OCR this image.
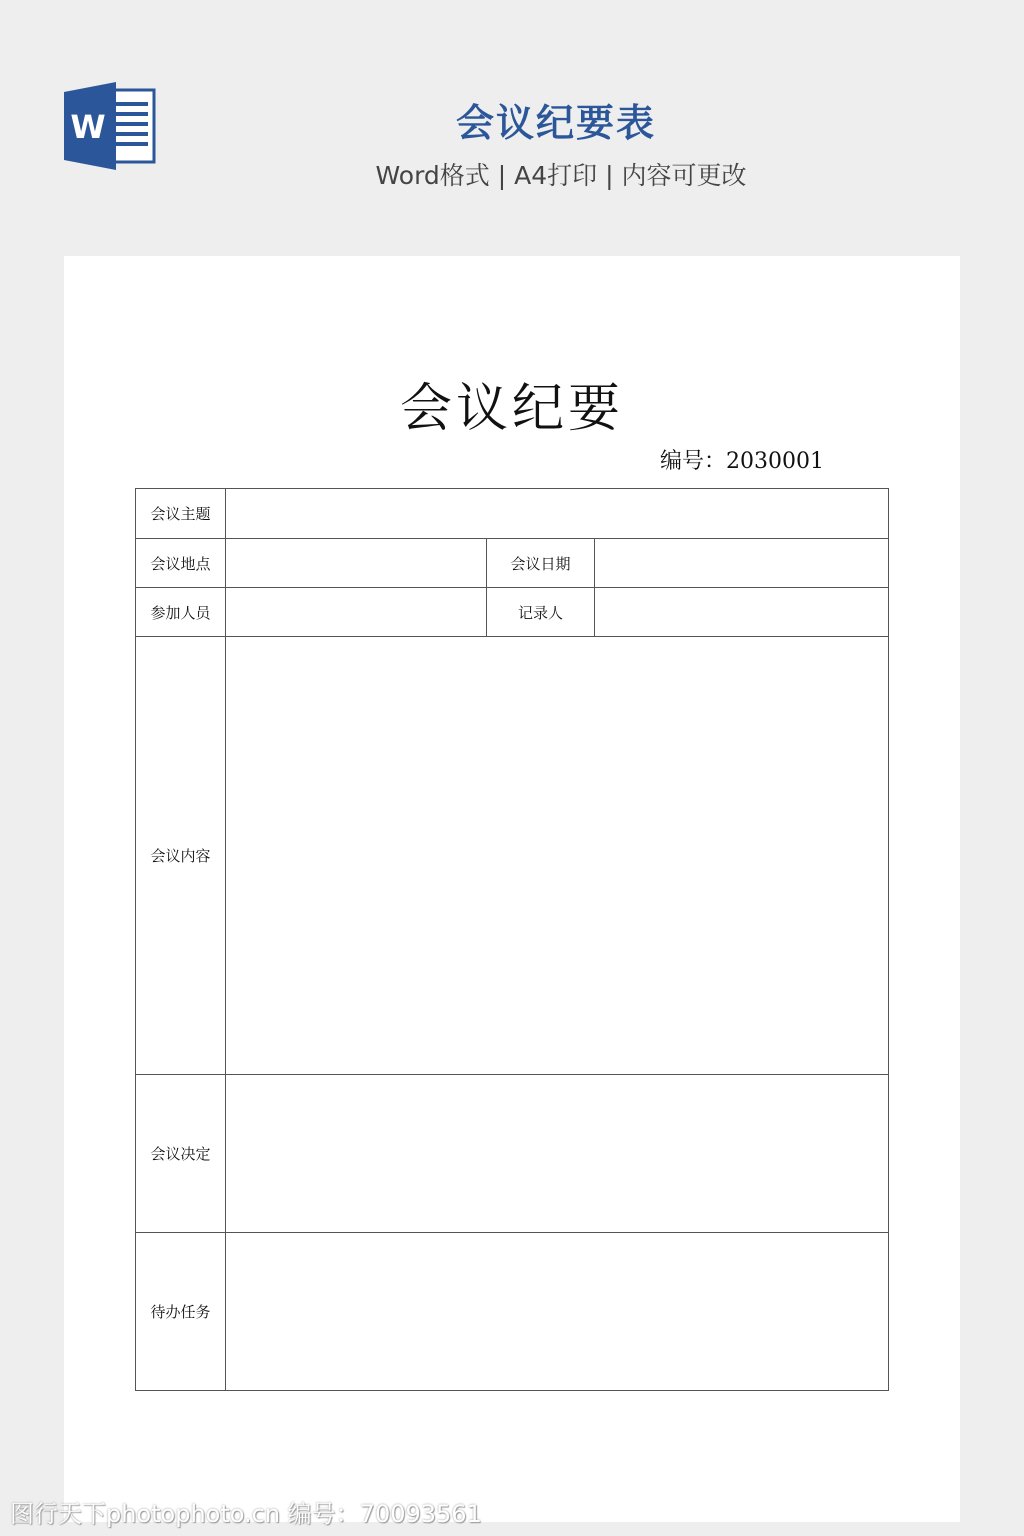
W	会议纪要表
Word格式 | A4打印 | 内容可更改
会议纪要
编号：2030001
会议主题			
会议地点		会议日期	
参加人员		记录人	
会议内容			
会议决定			
待办任务			
图行天下photophoto.cn 编号：70093561
